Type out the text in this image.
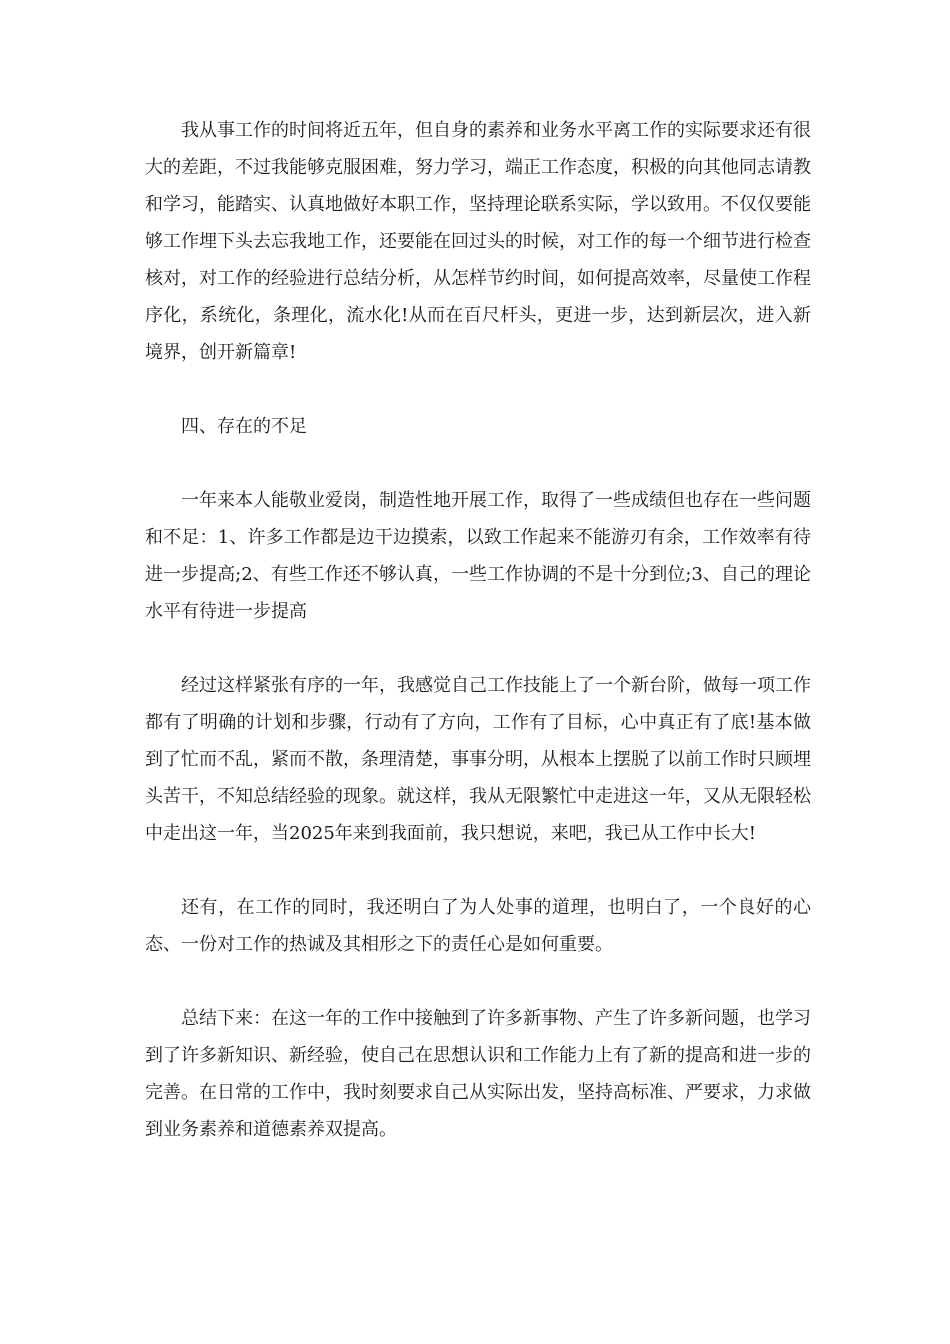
我从事工作的时间将近五年，但自身的素养和业务水平离工作的实际要求还有很大的差距，不过我能够克服困难，努力学习，端正工作态度，积极的向其他同志请教和学习，能踏实、认真地做好本职工作，坚持理论联系实际，学以致用。不仅仅要能够工作埋下头去忘我地工作，还要能在回过头的时候，对工作的每一个细节进行检查核对，对工作的经验进行总结分析，从怎样节约时间，如何提高效率，尽量使工作程序化，系统化，条理化，流水化!从而在百尺杆头，更进一步，达到新层次，进入新境界，创开新篇章!

四、存在的不足

一年来本人能敬业爱岗，制造性地开展工作，取得了一些成绩但也存在一些问题和不足：1、许多工作都是边干边摸索，以致工作起来不能游刃有余，工作效率有待进一步提高;2、有些工作还不够认真，一些工作协调的不是十分到位;3、自己的理论水平有待进一步提高

经过这样紧张有序的一年，我感觉自己工作技能上了一个新台阶，做每一项工作都有了明确的计划和步骤，行动有了方向，工作有了目标，心中真正有了底!基本做到了忙而不乱，紧而不散，条理清楚，事事分明，从根本上摆脱了以前工作时只顾埋头苦干，不知总结经验的现象。就这样，我从无限繁忙中走进这一年，又从无限轻松中走出这一年，当2025年来到我面前，我只想说，来吧，我已从工作中长大!

还有，在工作的同时，我还明白了为人处事的道理，也明白了，一个良好的心态、一份对工作的热诚及其相形之下的责任心是如何重要。

总结下来：在这一年的工作中接触到了许多新事物、产生了许多新问题，也学习到了许多新知识、新经验，使自己在思想认识和工作能力上有了新的提高和进一步的完善。在日常的工作中，我时刻要求自己从实际出发，坚持高标准、严要求，力求做到业务素养和道德素养双提高。
